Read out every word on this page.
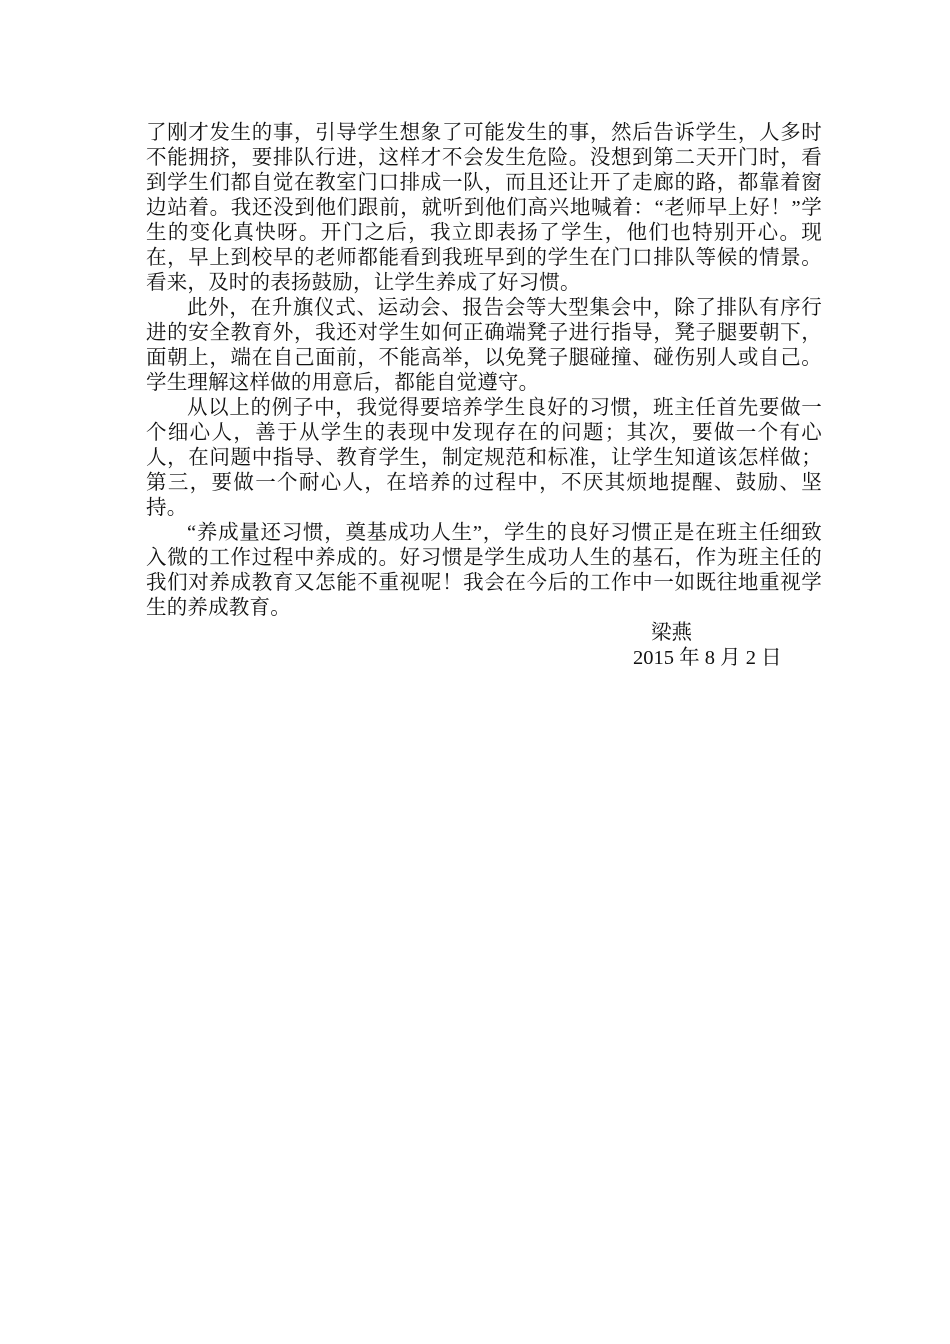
了刚才发生的事，引导学生想象了可能发生的事，然后告诉学生，人多时不能拥挤，要排队行进，这样才不会发生危险。没想到第二天开门时，看到学生们都自觉在教室门口排成一队，而且还让开了走廊的路，都靠着窗边站着。我还没到他们跟前，就听到他们高兴地喊着：“老师早上好！”学生的变化真快呀。开门之后，我立即表扬了学生，他们也特别开心。现在，早上到校早的老师都能看到我班早到的学生在门口排队等候的情景。看来，及时的表扬鼓励，让学生养成了好习惯。

此外，在升旗仪式、运动会、报告会等大型集会中，除了排队有序行进的安全教育外，我还对学生如何正确端凳子进行指导，凳子腿要朝下，面朝上，端在自己面前，不能高举，以免凳子腿碰撞、碰伤别人或自己。学生理解这样做的用意后，都能自觉遵守。

从以上的例子中，我觉得要培养学生良好的习惯，班主任首先要做一个细心人，善于从学生的表现中发现存在的问题；其次，要做一个有心人，在问题中指导、教育学生，制定规范和标准，让学生知道该怎样做；第三，要做一个耐心人，在培养的过程中，不厌其烦地提醒、鼓励、坚持。

“养成量还习惯，奠基成功人生”，学生的良好习惯正是在班主任细致入微的工作过程中养成的。好习惯是学生成功人生的基石，作为班主任的我们对养成教育又怎能不重视呢！我会在今后的工作中一如既往地重视学生的养成教育。

梁燕

2015 年 8 月 2 日
